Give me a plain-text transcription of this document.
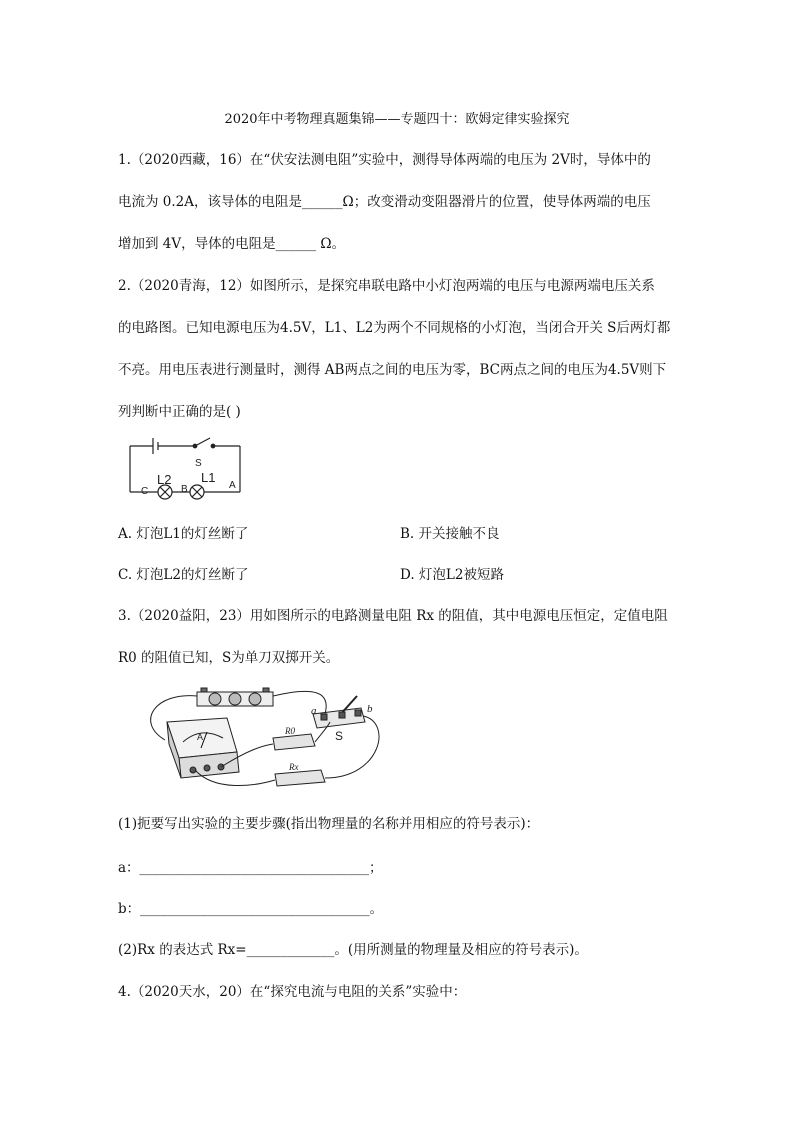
2020年中考物理真题集锦——专题四十：欧姆定律实验探究
1.（2020西藏，16）在“伏安法测电阻”实验中，测得导体两端的电压为 2V时，导体中的
电流为 0.2A，该导体的电阻是______Ω；改变滑动变阻器滑片的位置，使导体两端的电压
增加到 4V，导体的电阻是______ Ω。
2.（2020青海，12）如图所示，是探究串联电路中小灯泡两端的电压与电源两端电压关系
的电路图。已知电源电压为4.5V，L1、L2为两个不同规格的小灯泡，当闭合开关 S后两灯都
不亮。用电压表进行测量时，测得 AB两点之间的电压为零，BC两点之间的电压为4.5V则下
列判断中正确的是( )
S
L2 L1
C	B	A
A. 灯泡L1的灯丝断了	B. 开关接触不良
C. 灯泡L2的灯丝断了	D. 灯泡L2被短路
3.（2020益阳，23）用如图所示的电路测量电阻 Rx 的阻值，其中电源电压恒定，定值电阻
R0 的阻值已知，S为单刀双掷开关。
a	b
R0
Rx
S
A
(1)扼要写出实验的主要步骤(指出物理量的名称并用相应的符号表示)：
a：__________________________________；
b：__________________________________。
(2)Rx 的表达式 Rx=_____________。(用所测量的物理量及相应的符号表示)。
4.（2020天水，20）在“探究电流与电阻的关系”实验中：
